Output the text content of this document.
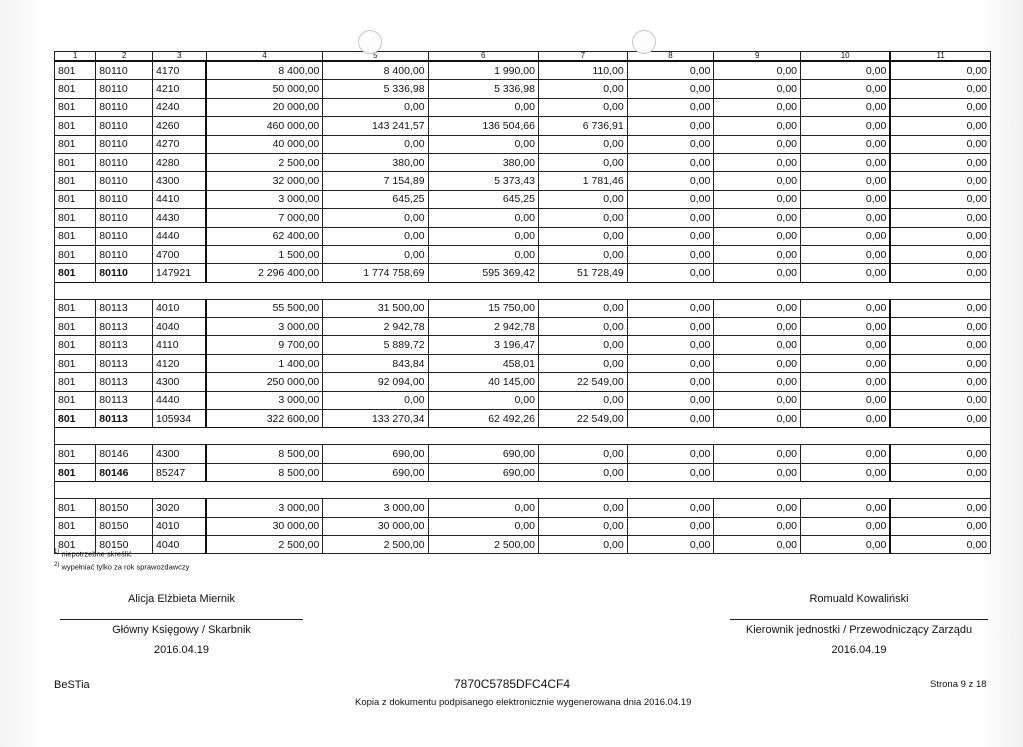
1	2	3	4	5	6	7	8	9	10	11
801	80110	4170	8 400,00	8 400,00	1 990,00	110,00	0,00	0,00	0,00	0,00
801	80110	4210	50 000,00	5 336,98	5 336,98	0,00	0,00	0,00	0,00	0,00
801	80110	4240	20 000,00	0,00	0,00	0,00	0,00	0,00	0,00	0,00
801	80110	4260	460 000,00	143 241,57	136 504,66	6 736,91	0,00	0,00	0,00	0,00
801	80110	4270	40 000,00	0,00	0,00	0,00	0,00	0,00	0,00	0,00
801	80110	4280	2 500,00	380,00	380,00	0,00	0,00	0,00	0,00	0,00
801	80110	4300	32 000,00	7 154,89	5 373,43	1 781,46	0,00	0,00	0,00	0,00
801	80110	4410	3 000,00	645,25	645,25	0,00	0,00	0,00	0,00	0,00
801	80110	4430	7 000,00	0,00	0,00	0,00	0,00	0,00	0,00	0,00
801	80110	4440	62 400,00	0,00	0,00	0,00	0,00	0,00	0,00	0,00
801	80110	4700	1 500,00	0,00	0,00	0,00	0,00	0,00	0,00	0,00
801	80110	147921	2 296 400,00	1 774 758,69	595 369,42	51 728,49	0,00	0,00	0,00	0,00

801	80113	4010	55 500,00	31 500,00	15 750,00	0,00	0,00	0,00	0,00	0,00
801	80113	4040	3 000,00	2 942,78	2 942,78	0,00	0,00	0,00	0,00	0,00
801	80113	4110	9 700,00	5 889,72	3 196,47	0,00	0,00	0,00	0,00	0,00
801	80113	4120	1 400,00	843,84	458,01	0,00	0,00	0,00	0,00	0,00
801	80113	4300	250 000,00	92 094,00	40 145,00	22 549,00	0,00	0,00	0,00	0,00
801	80113	4440	3 000,00	0,00	0,00	0,00	0,00	0,00	0,00	0,00
801	80113	105934	322 600,00	133 270,34	62 492,26	22 549,00	0,00	0,00	0,00	0,00

801	80146	4300	8 500,00	690,00	690,00	0,00	0,00	0,00	0,00	0,00
801	80146	85247	8 500,00	690,00	690,00	0,00	0,00	0,00	0,00	0,00

801	80150	3020	3 000,00	3 000,00	0,00	0,00	0,00	0,00	0,00	0,00
801	80150	4010	30 000,00	30 000,00	0,00	0,00	0,00	0,00	0,00	0,00
801	80150	4040	2 500,00	2 500,00	2 500,00	0,00	0,00	0,00	0,00	0,00
$^{1)}$ niepotrzebne skreślić
$^{2)}$ wypełniać tylko za rok sprawozdawczy
Alicja Elżbieta Miernik
Główny Księgowy / Skarbnik
2016.04.19
Romuald Kowaliński
Kierownik jednostki / Przewodniczący Zarządu
2016.04.19
BeSTia	7870C5785DFC4CF4
Kopia z dokumentu podpisanego elektronicznie wygenerowana dnia 2016.04.19
Strona 9 z 18
